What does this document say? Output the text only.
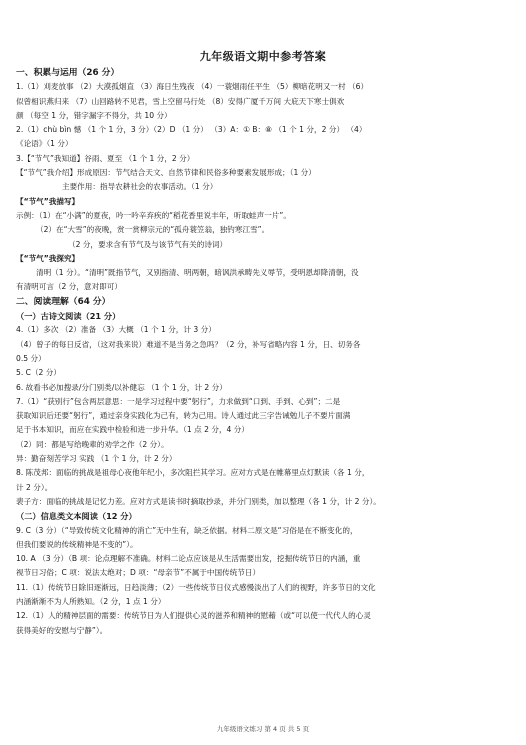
九年级语文期中参考答案
一、积累与运用（26 分）
1.（1）刈麦放事 （2）大漠孤烟直 （3）海日生残夜 （4）一蓑烟雨任平生 （5）柳暗花明又一村 （6）
似曾相识燕归来 （7）山回路转不见君，雪上空留马行处 （8）安得广厦千万间 大庇天下寒士俱欢
颜 （每空 1 分，错字漏字不得分，共 10 分）
2.（1）chù bìn 憾 （1 个 1 分，3 分）（2）D （1 分） （3）A：① B：⑧ （1 个 1 分，2 分） （4）
《论语》（1 分）
3.【“节气”我知道】谷雨、夏至 （1 个 1 分，2 分）
【“节气”我介绍】形成原因：节气结合天文、自然节律和民俗多种要素发展形成；（1 分）
主要作用：指导农耕社会的农事活动。（1 分）
【“节气”我描写】
示例：（1）在“小满”的夏夜，吟一吟辛弃疾的“稻花香里说丰年，听取蛙声一片”。
（2）在“大雪”的夜晚，赏一赏柳宗元的“孤舟蓑笠翁，独钓寒江雪”。
（2 分，要求含有节气及与该节气有关的诗词）
【“节气”我探究】
清明（1 分）。“清明”既指节气，又别指清、明两朝，暗讽洪承畴先义辱节，受明恩却降清朝，没
有清明可言（2 分，意对即可）
二、阅读理解（64 分）
（一）古诗文阅读（21 分）
4.（1）多次 （2）准备 （3）大概 （1 个 1 分，计 3 分）
（4）曾子的每日反省，（这对我来说）难道不是当务之急吗？（2 分，补写省略内容 1 分，日、切务各
0.5 分）
5. C（2 分）
6. 故看书必加搜录/分门别类/以补健忘 （1 个 1 分，计 2 分）
7.（1）“获别行”包含两层意思：一是学习过程中要“躬行”，力求做到“口到、手到、心到”；二是
获取知识后还要“躬行”，通过亲身实践化为己有，转为己用。诗人通过此三字告诫勉儿子不要片面满
足于书本知识，而应在实践中检验和进一步升华。（1 点 2 分，4 分）
（2）同：都是写给晚辈的劝学之作（2 分）。
异：勤奋刻苦学习 实践 （1 个 1 分，计 2 分）
8. 陈茂邦：面临的挑战是祖母心夜他年纪小，多次阻拦其学习。应对方式是在帷幕里点灯默读（各 1 分，
计 2 分）。
裴子方：面临的挑战是记忆力差。应对方式是读书时摘取抄录，并分门别类，加以整理（各 1 分，计 2 分）。
（二）信息类文本阅读（12 分）
9. C（3 分）（“导致传统文化精神的消亡”无中生有，缺乏依据。材料二原文是“习俗是在不断变化的，
但我们要说的传统精神是不变的”）。
10. A （3 分）（B 项：论点理解不准确。材料二论点应该是从生活需要出发，挖掘传统节日的内涵，重
视节日习俗；C 项：说法太绝对；D 项：“母亲节”不属于中国传统节日）
11.（1）传统节日除旧逐渐远，日趋淡薄；（2）一些传统节日仪式感慢淡出了人们的视野，许多节日的文化
内涵渐渐不为人所熟知。（2 分，1 点 1 分）
12.（1）人的精神层面的需要：传统节日为人们提供心灵的滋养和精神的慰藉（或“可以使一代代人的心灵
获得美好的安慰与宁静”）。
九年级语文练习 第 4 页 共 5 页
